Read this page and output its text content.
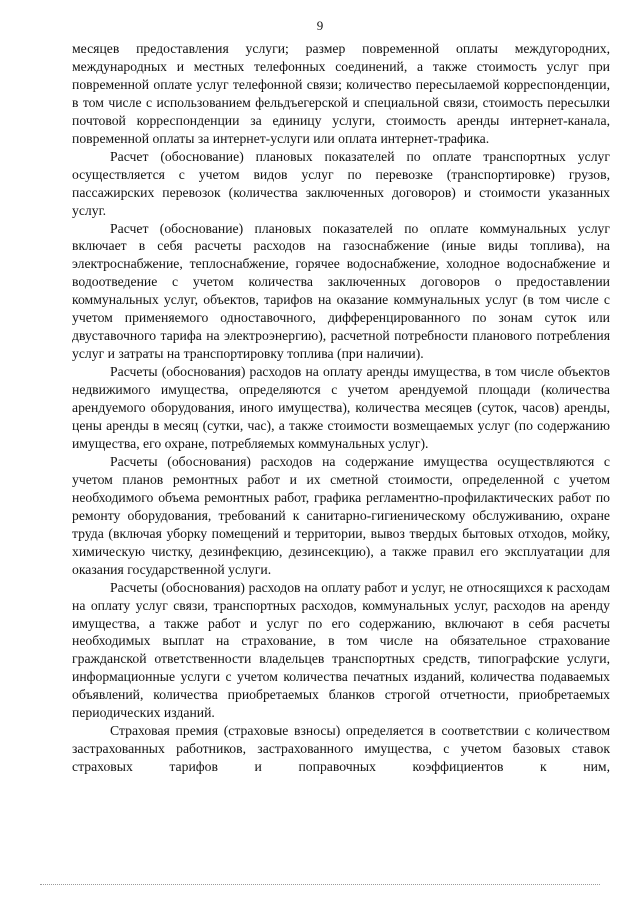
9

месяцев предоставления услуги; размер повременной оплаты междугородних, международных и местных телефонных соединений, а также стоимость услуг при повременной оплате услуг телефонной связи; количество пересылаемой корреспонденции, в том числе с использованием фельдъегерской и специальной связи, стоимость пересылки почтовой корреспонденции за единицу услуги, стоимость аренды интернет-канала, повременной оплаты за интернет-услуги или оплата интернет-трафика.

Расчет (обоснование) плановых показателей по оплате транспортных услуг осуществляется с учетом видов услуг по перевозке (транспортировке) грузов, пассажирских перевозок (количества заключенных договоров) и стоимости указанных услуг.

Расчет (обоснование) плановых показателей по оплате коммунальных услуг включает в себя расчеты расходов на газоснабжение (иные виды топлива), на электроснабжение, теплоснабжение, горячее водоснабжение, холодное водоснабжение и водоотведение с учетом количества заключенных договоров о предоставлении коммунальных услуг, объектов, тарифов на оказание коммунальных услуг (в том числе с учетом применяемого одноставочного, дифференцированного по зонам суток или двуставочного тарифа на электроэнергию), расчетной потребности планового потребления услуг и затраты на транспортировку топлива (при наличии).

Расчеты (обоснования) расходов на оплату аренды имущества, в том числе объектов недвижимого имущества, определяются с учетом арендуемой площади (количества арендуемого оборудования, иного имущества), количества месяцев (суток, часов) аренды, цены аренды в месяц (сутки, час), а также стоимости возмещаемых услуг (по содержанию имущества, его охране, потребляемых коммунальных услуг).

Расчеты (обоснования) расходов на содержание имущества осуществляются с учетом планов ремонтных работ и их сметной стоимости, определенной с учетом необходимого объема ремонтных работ, графика регламентно-профилактических работ по ремонту оборудования, требований к санитарно-гигиеническому обслуживанию, охране труда (включая уборку помещений и территории, вывоз твердых бытовых отходов, мойку, химическую чистку, дезинфекцию, дезинсекцию), а также правил его эксплуатации для оказания государственной услуги.

Расчеты (обоснования) расходов на оплату работ и услуг, не относящихся к расходам на оплату услуг связи, транспортных расходов, коммунальных услуг, расходов на аренду имущества, а также работ и услуг по его содержанию, включают в себя расчеты необходимых выплат на страхование, в том числе на обязательное страхование гражданской ответственности владельцев транспортных средств, типографские услуги, информационные услуги с учетом количества печатных изданий, количества подаваемых объявлений, количества приобретаемых бланков строгой отчетности, приобретаемых периодических изданий.

Страховая премия (страховые взносы) определяется в соответствии с количеством застрахованных работников, застрахованного имущества, с учетом базовых ставок страховых тарифов и поправочных коэффициентов к ним,
